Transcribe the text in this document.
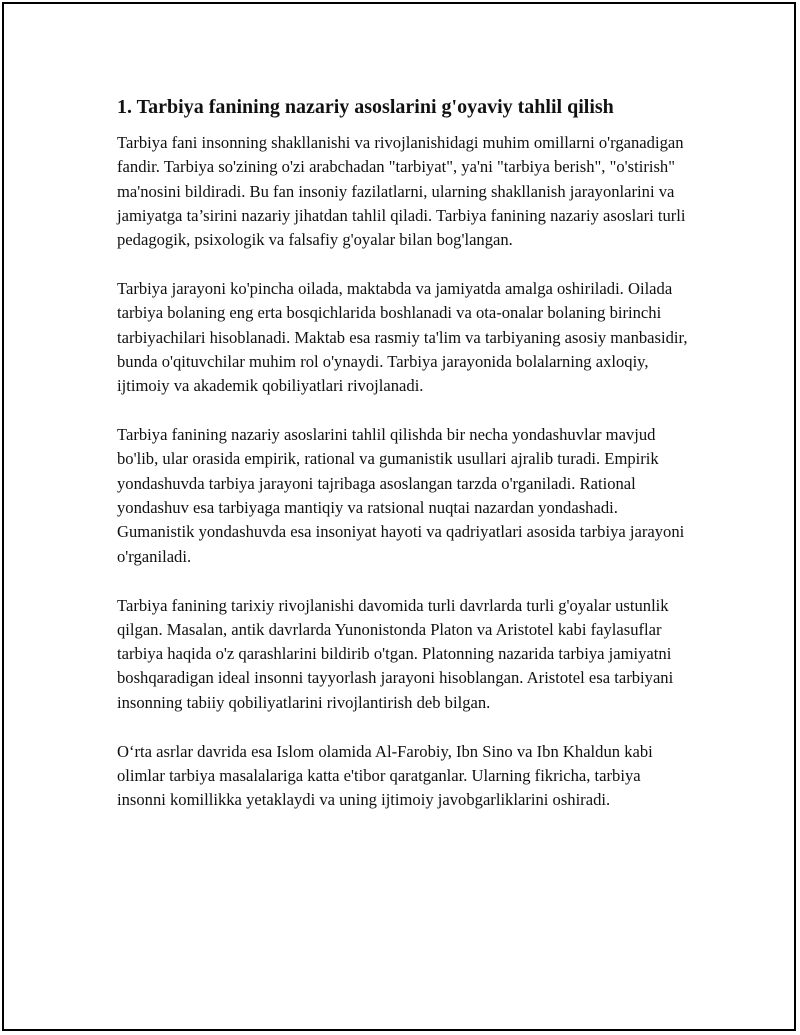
1. Tarbiya fanining nazariy asoslarini g'oyaviy tahlil qilish

Tarbiya fani insonning shakllanishi va rivojlanishidagi muhim omillarni o'rganadigan fandir. Tarbiya so'zining o'zi arabchadan "tarbiyat", ya'ni "tarbiya berish", "o'stirish" ma'nosini bildiradi. Bu fan insoniy fazilatlarni, ularning shakllanish jarayonlarini va jamiyatga ta’sirini nazariy jihatdan tahlil qiladi. Tarbiya fanining nazariy asoslari turli pedagogik, psixologik va falsafiy g'oyalar bilan bog'langan.

Tarbiya jarayoni ko'pincha oilada, maktabda va jamiyatda amalga oshiriladi. Oilada tarbiya bolaning eng erta bosqichlarida boshlanadi va ota-onalar bolaning birinchi tarbiyachilari hisoblanadi. Maktab esa rasmiy ta'lim va tarbiyaning asosiy manbasidir, bunda o'qituvchilar muhim rol o'ynaydi. Tarbiya jarayonida bolalarning axloqiy, ijtimoiy va akademik qobiliyatlari rivojlanadi.

Tarbiya fanining nazariy asoslarini tahlil qilishda bir necha yondashuvlar mavjud bo'lib, ular orasida empirik, rational va gumanistik usullari ajralib turadi. Empirik yondashuvda tarbiya jarayoni tajribaga asoslangan tarzda o'rganiladi. Rational yondashuv esa tarbiyaga mantiqiy va ratsional nuqtai nazardan yondashadi. Gumanistik yondashuvda esa insoniyat hayoti va qadriyatlari asosida tarbiya jarayoni o'rganiladi.

Tarbiya fanining tarixiy rivojlanishi davomida turli davrlarda turli g'oyalar ustunlik qilgan. Masalan, antik davrlarda Yunonistonda Platon va Aristotel kabi faylasuflar tarbiya haqida o'z qarashlarini bildirib o'tgan. Platonning nazarida tarbiya jamiyatni boshqaradigan ideal insonni tayyorlash jarayoni hisoblangan. Aristotel esa tarbiyani insonning tabiiy qobiliyatlarini rivojlantirish deb bilgan.

O‘rta asrlar davrida esa Islom olamida Al-Farobiy, Ibn Sino va Ibn Khaldun kabi olimlar tarbiya masalalariga katta e'tibor qaratganlar. Ularning fikricha, tarbiya insonni komillikka yetaklaydi va uning ijtimoiy javobgarliklarini oshiradi.
